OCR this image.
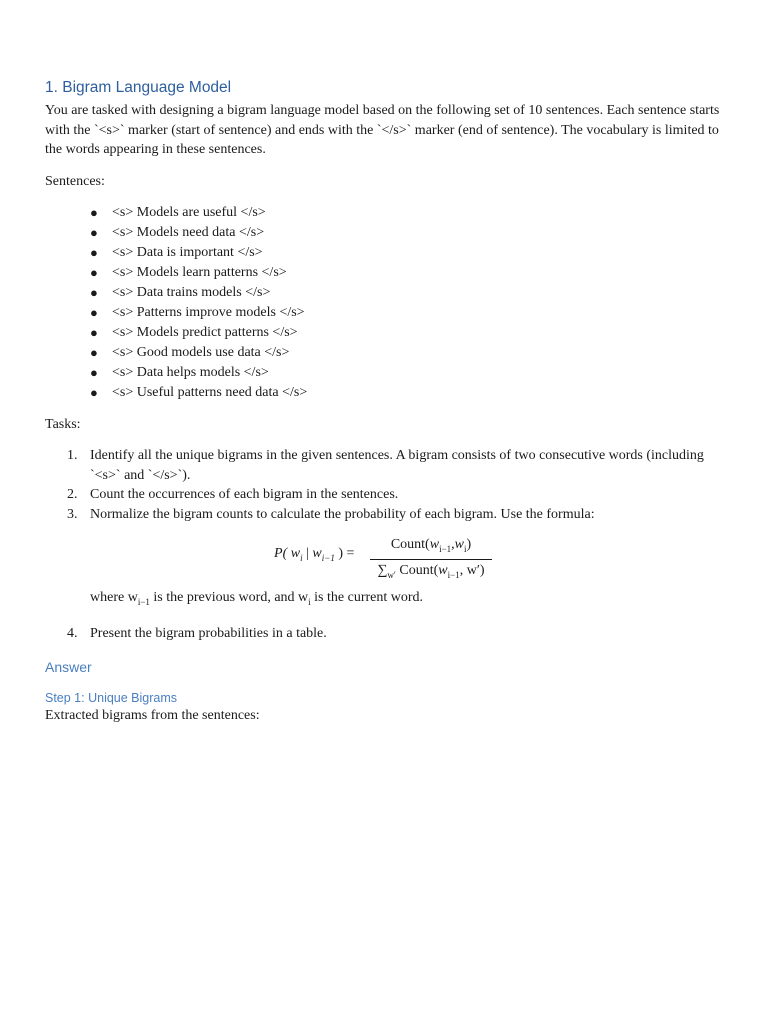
1. Bigram Language Model

You are tasked with designing a bigram language model based on the following set of 10 sentences. Each sentence starts with the `<s>` marker (start of sentence) and ends with the `</s>` marker (end of sentence). The vocabulary is limited to the words appearing in these sentences.

Sentences:

● <s> Models are useful </s>
● <s> Models need data </s>
● <s> Data is important </s>
● <s> Models learn patterns </s>
● <s> Data trains models </s>
● <s> Patterns improve models </s>
● <s> Models predict patterns </s>
● <s> Good models use data </s>
● <s> Data helps models </s>
● <s> Useful patterns need data </s>

Tasks:

1. Identify all the unique bigrams in the given sentences. A bigram consists of two consecutive words (including `<s>` and `</s>`).
2. Count the occurrences of each bigram in the sentences.
3. Normalize the bigram counts to calculate the probability of each bigram. Use the formula:
P( $w_i$ | $w_{i-1}$ ) =
$Count(w_{i-1},w_i)$
$\sum_{w'}$ $Count(w_{i-1}$, w′)

where $w_{i-1}$ is the previous word, and $w_i$ is the current word.

4. Present the bigram probabilities in a table.
Answer
Step 1: Unique Bigrams

Extracted bigrams from the sentences:
